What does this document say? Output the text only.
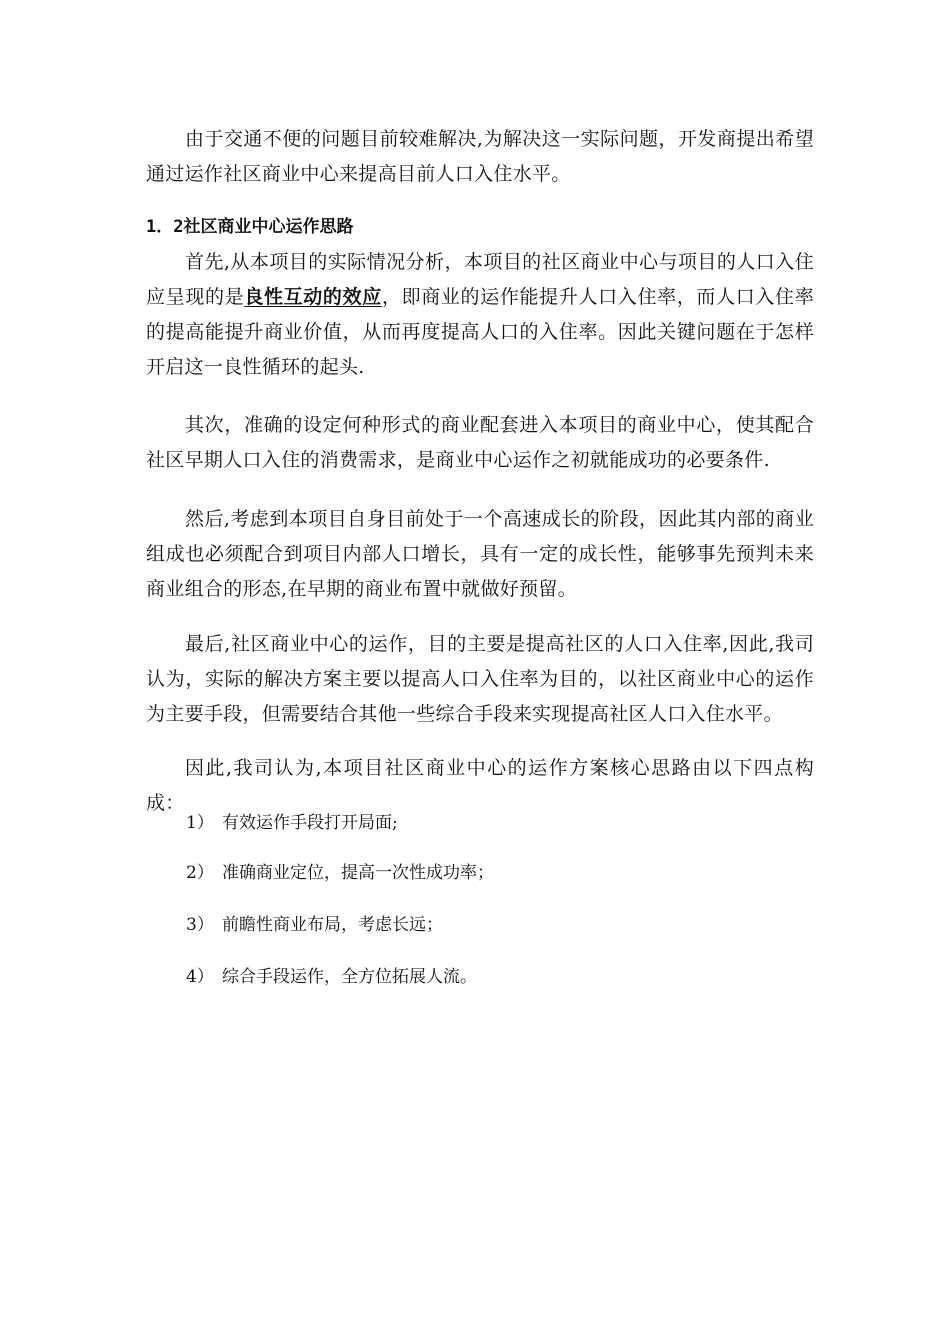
由于交通不便的问题目前较难解决,为解决这一实际问题，开发商提出希望通过运作社区商业中心来提高目前人口入住水平。

1．2社区商业中心运作思路

首先,从本项目的实际情况分析，本项目的社区商业中心与项目的人口入住应呈现的是良性互动的效应，即商业的运作能提升人口入住率，而人口入住率的提高能提升商业价值，从而再度提高人口的入住率。因此关键问题在于怎样开启这一良性循环的起头.

其次，准确的设定何种形式的商业配套进入本项目的商业中心，使其配合社区早期人口入住的消费需求，是商业中心运作之初就能成功的必要条件.

然后,考虑到本项目自身目前处于一个高速成长的阶段，因此其内部的商业组成也必须配合到项目内部人口增长，具有一定的成长性，能够事先预判未来商业组合的形态,在早期的商业布置中就做好预留。

最后,社区商业中心的运作，目的主要是提高社区的人口入住率,因此,我司认为，实际的解决方案主要以提高人口入住率为目的，以社区商业中心的运作为主要手段，但需要结合其他一些综合手段来实现提高社区人口入住水平。

因此,我司认为,本项目社区商业中心的运作方案核心思路由以下四点构成：

1） 有效运作手段打开局面;

2） 准确商业定位，提高一次性成功率；

3） 前瞻性商业布局，考虑长远；

4） 综合手段运作，全方位拓展人流。
